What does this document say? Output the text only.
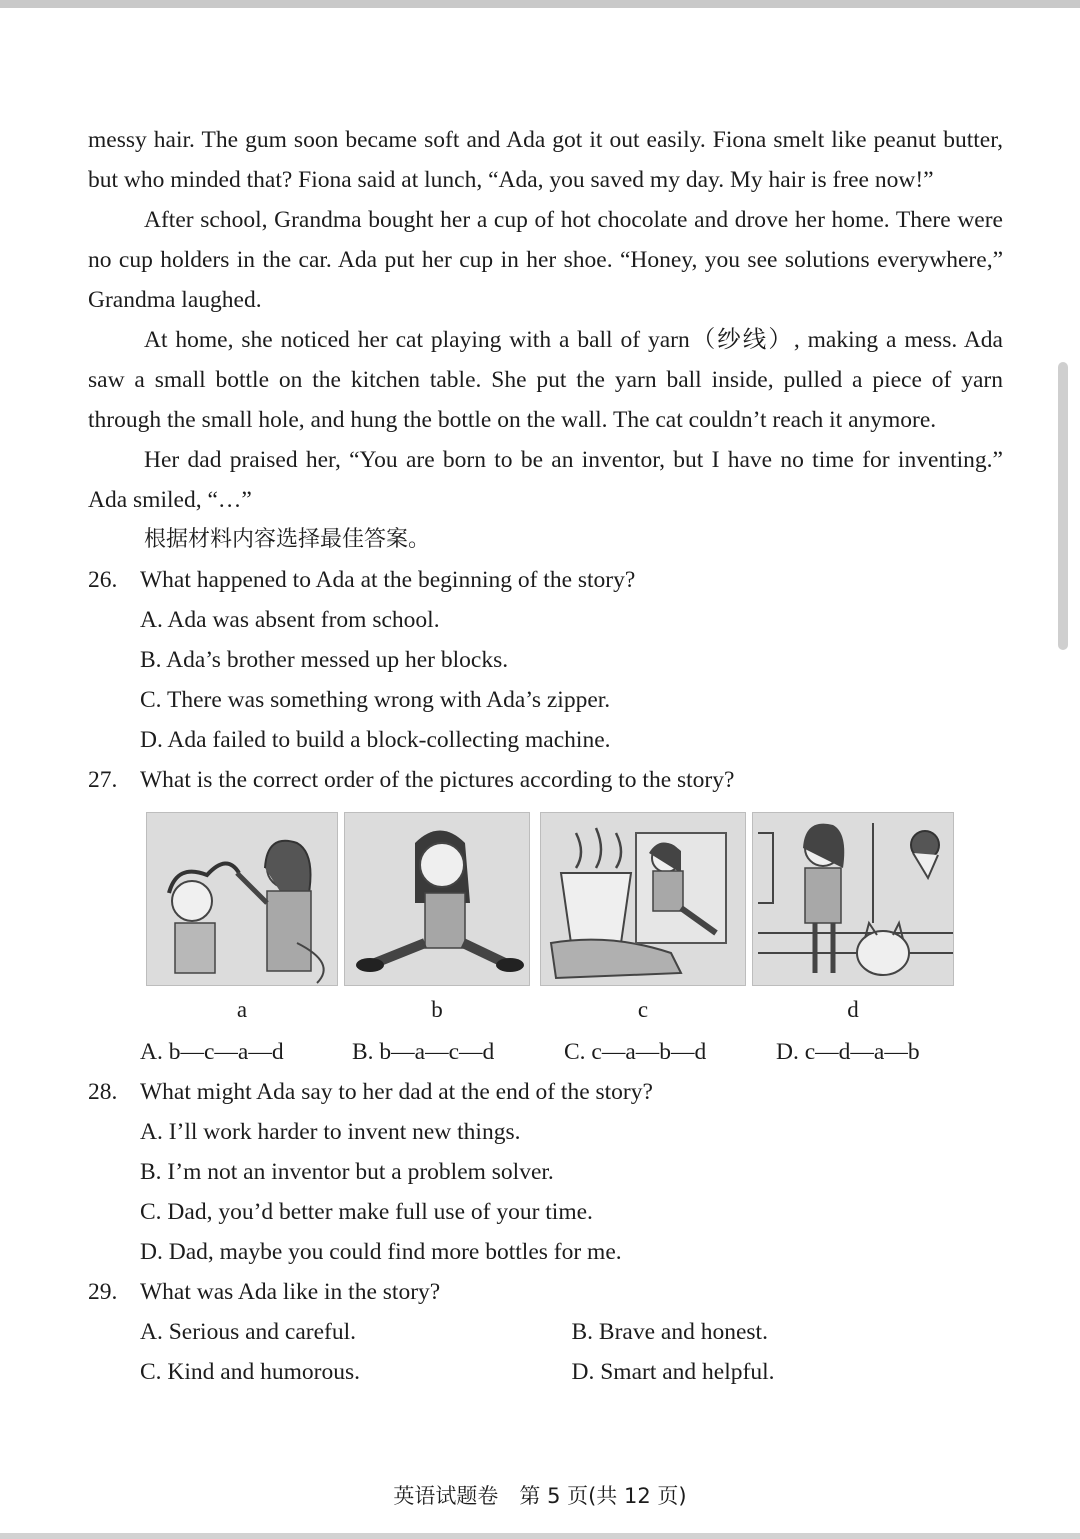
messy hair. The gum soon became soft and Ada got it out easily. Fiona smelt like peanut butter, but who minded that? Fiona said at lunch, “Ada, you saved my day. My hair is free now!”

After school, Grandma bought her a cup of hot chocolate and drove her home. There were no cup holders in the car. Ada put her cup in her shoe. “Honey, you see solutions everywhere,” Grandma laughed.

At home, she noticed her cat playing with a ball of yarn（纱线）, making a mess. Ada saw a small bottle on the kitchen table. She put the yarn ball inside, pulled a piece of yarn through the small hole, and hung the bottle on the wall. The cat couldn’t reach it anymore.

Her dad praised her, “You are born to be an inventor, but I have no time for inventing.” Ada smiled, “…”

根据材料内容选择最佳答案。

26. What happened to Ada at the beginning of the story?

A. Ada was absent from school.

B. Ada’s brother messed up her blocks.

C. There was something wrong with Ada’s zipper.

D. Ada failed to build a block-collecting machine.

27. What is the correct order of the pictures according to the story?
a	b	c	d
A. b—c—a—d	B. b—a—c—d	C. c—a—b—d	D. c—d—a—b
28. What might Ada say to her dad at the end of the story?

A. I’ll work harder to invent new things.

B. I’m not an inventor but a problem solver.

C. Dad, you’d better make full use of your time.

D. Dad, maybe you could find more bottles for me.

29. What was Ada like in the story?
A. Serious and careful.	B. Brave and honest.
C. Kind and humorous.	D. Smart and helpful.
英语试题卷　第 5 页(共 12 页)
